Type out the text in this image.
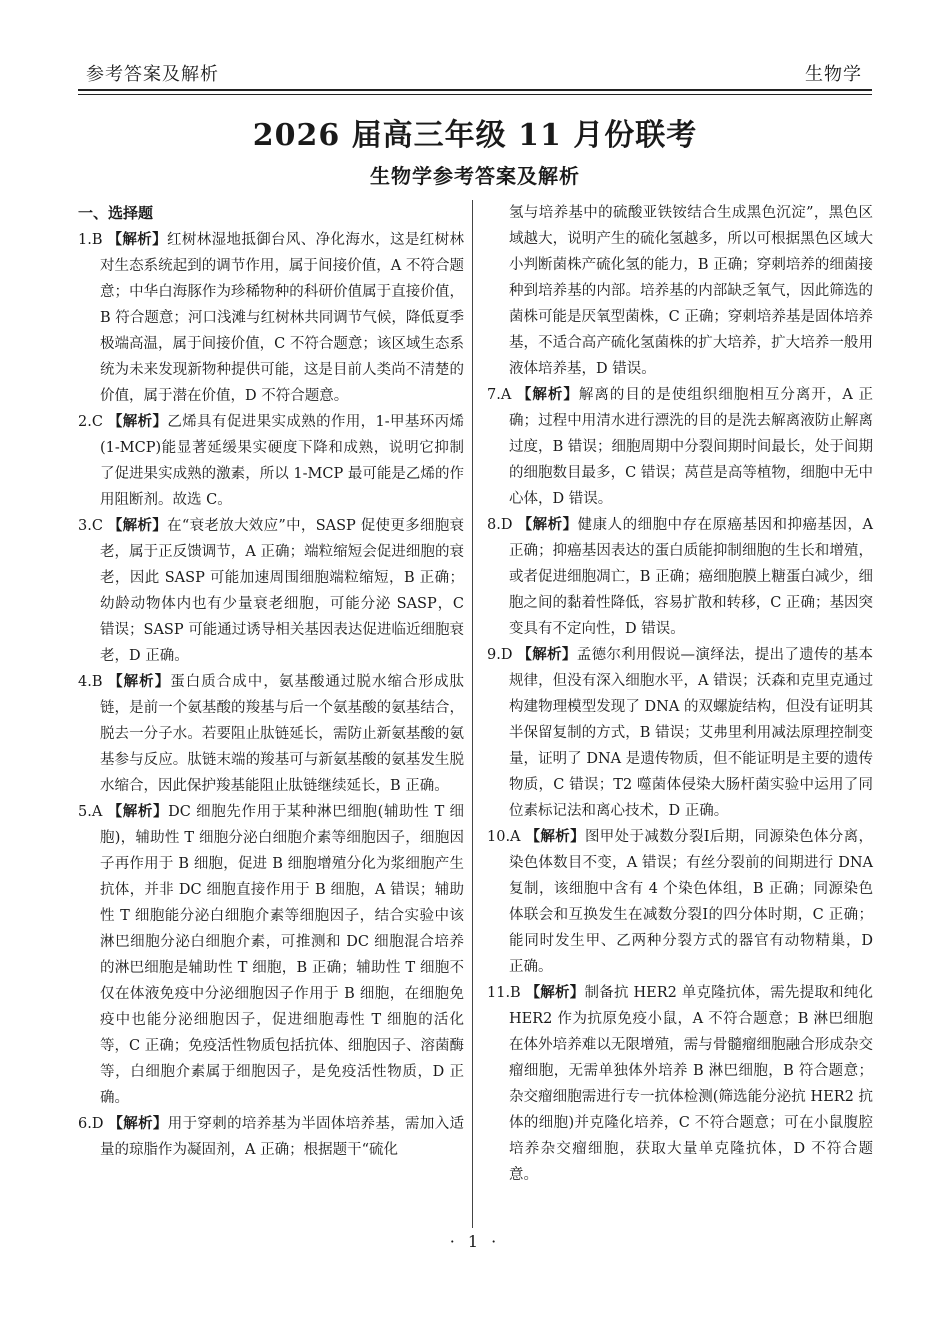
参考答案及解析	生物学
2026 届高三年级 11 月份联考
生物学参考答案及解析
一、选择题

1.B 【解析】红树林湿地抵御台风、净化海水，这是红树林对生态系统起到的调节作用，属于间接价值，A 不符合题意；中华白海豚作为珍稀物种的科研价值属于直接价值，B 符合题意；河口浅滩与红树林共同调节气候，降低夏季极端高温，属于间接价值，C 不符合题意；该区域生态系统为未来发现新物种提供可能，这是目前人类尚不清楚的价值，属于潜在价值，D 不符合题意。

2.C 【解析】乙烯具有促进果实成熟的作用，1-甲基环丙烯(1-MCP)能显著延缓果实硬度下降和成熟，说明它抑制了促进果实成熟的激素，所以 1-MCP 最可能是乙烯的作用阻断剂。故选 C。

3.C 【解析】在“衰老放大效应”中，SASP 促使更多细胞衰老，属于正反馈调节，A 正确；端粒缩短会促进细胞的衰老，因此 SASP 可能加速周围细胞端粒缩短，B 正确；幼龄动物体内也有少量衰老细胞，可能分泌 SASP，C 错误；SASP 可能通过诱导相关基因表达促进临近细胞衰老，D 正确。

4.B 【解析】蛋白质合成中，氨基酸通过脱水缩合形成肽链，是前一个氨基酸的羧基与后一个氨基酸的氨基结合，脱去一分子水。若要阻止肽链延长，需防止新氨基酸的氨基参与反应。肽链末端的羧基可与新氨基酸的氨基发生脱水缩合，因此保护羧基能阻止肽链继续延长，B 正确。

5.A 【解析】DC 细胞先作用于某种淋巴细胞(辅助性 T 细胞)，辅助性 T 细胞分泌白细胞介素等细胞因子，细胞因子再作用于 B 细胞，促进 B 细胞增殖分化为浆细胞产生抗体，并非 DC 细胞直接作用于 B 细胞，A 错误；辅助性 T 细胞能分泌白细胞介素等细胞因子，结合实验中该淋巴细胞分泌白细胞介素，可推测和 DC 细胞混合培养的淋巴细胞是辅助性 T 细胞，B 正确；辅助性 T 细胞不仅在体液免疫中分泌细胞因子作用于 B 细胞，在细胞免疫中也能分泌细胞因子，促进细胞毒性 T 细胞的活化等，C 正确；免疫活性物质包括抗体、细胞因子、溶菌酶等，白细胞介素属于细胞因子，是免疫活性物质，D 正确。

6.D 【解析】用于穿刺的培养基为半固体培养基，需加入适量的琼脂作为凝固剂，A 正确；根据题干“硫化

氢与培养基中的硫酸亚铁铵结合生成黑色沉淀”，黑色区域越大，说明产生的硫化氢越多，所以可根据黑色区域大小判断菌株产硫化氢的能力，B 正确；穿刺培养的细菌接种到培养基的内部。培养基的内部缺乏氧气，因此筛选的菌株可能是厌氧型菌株，C 正确；穿刺培养基是固体培养基，不适合高产硫化氢菌株的扩大培养，扩大培养一般用液体培养基，D 错误。

7.A 【解析】解离的目的是使组织细胞相互分离开，A 正确；过程中用清水进行漂洗的目的是洗去解离液防止解离过度，B 错误；细胞周期中分裂间期时间最长，处于间期的细胞数目最多，C 错误；莴苣是高等植物，细胞中无中心体，D 错误。

8.D 【解析】健康人的细胞中存在原癌基因和抑癌基因，A 正确；抑癌基因表达的蛋白质能抑制细胞的生长和增殖，或者促进细胞凋亡，B 正确；癌细胞膜上糖蛋白减少，细胞之间的黏着性降低，容易扩散和转移，C 正确；基因突变具有不定向性，D 错误。

9.D 【解析】孟德尔利用假说—演绎法，提出了遗传的基本规律，但没有深入细胞水平，A 错误；沃森和克里克通过构建物理模型发现了 DNA 的双螺旋结构，但没有证明其半保留复制的方式，B 错误；艾弗里利用减法原理控制变量，证明了 DNA 是遗传物质，但不能证明是主要的遗传物质，C 错误；T2 噬菌体侵染大肠杆菌实验中运用了同位素标记法和离心技术，D 正确。

10.A 【解析】图甲处于减数分裂Ⅰ后期，同源染色体分离，染色体数目不变，A 错误；有丝分裂前的间期进行 DNA 复制，该细胞中含有 4 个染色体组，B 正确；同源染色体联会和互换发生在减数分裂Ⅰ的四分体时期，C 正确；能同时发生甲、乙两种分裂方式的器官有动物精巢，D 正确。

11.B 【解析】制备抗 HER2 单克隆抗体，需先提取和纯化 HER2 作为抗原免疫小鼠，A 不符合题意；B 淋巴细胞在体外培养难以无限增殖，需与骨髓瘤细胞融合形成杂交瘤细胞，无需单独体外培养 B 淋巴细胞，B 符合题意；杂交瘤细胞需进行专一抗体检测(筛选能分泌抗 HER2 抗体的细胞)并克隆化培养，C 不符合题意；可在小鼠腹腔培养杂交瘤细胞，获取大量单克隆抗体，D 不符合题意。

· 1 ·
